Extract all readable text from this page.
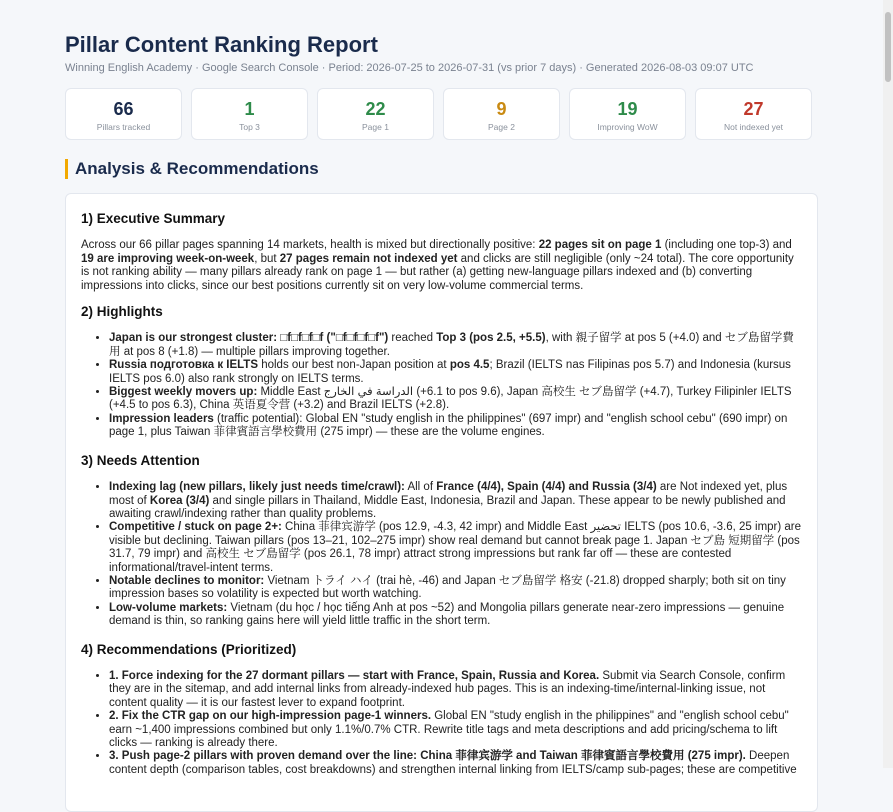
Pillar Content Ranking Report
Winning English Academy · Google Search Console · Period: 2026-07-25 to 2026-07-31 (vs prior 7 days) · Generated 2026-08-03 09:07 UTC
66
Pillars tracked
1
Top 3
22
Page 1
9
Page 2
19
Improving WoW
27
Not indexed yet
Analysis & Recommendations
1) Executive Summary

Across our 66 pillar pages spanning 14 markets, health is mixed but directionally positive: 22 pages sit on page 1 (including one top-3) and 19 are improving week-on-week, but 27 pages remain not indexed yet and clicks are still negligible (only ~24 total). The core opportunity is not ranking ability — many pillars already rank on page 1 — but rather (a) getting new-language pillars indexed and (b) converting impressions into clicks, since our best positions currently sit on very low-volume commercial terms.

2) Highlights
• Japan is our strongest cluster: □f□f□f□f ("□f□f□f□f") reached Top 3 (pos 2.5, +5.5), with 親子留学 at pos 5 (+4.0) and セブ島留学費用 at pos 8 (+1.8) — multiple pillars improving together.
• Russia подготовка к IELTS holds our best non-Japan position at pos 4.5; Brazil (IELTS nas Filipinas pos 5.7) and Indonesia (kursus IELTS pos 6.0) also rank strongly on IELTS terms.
• Biggest weekly movers up: Middle East الدراسة في الخارج (+6.1 to pos 9.6), Japan 高校生 セブ島留学 (+4.7), Turkey Filipinler IELTS (+4.5 to pos 6.3), China 英语夏令营 (+3.2) and Brazil IELTS (+2.8).
• Impression leaders (traffic potential): Global EN "study english in the philippines" (697 impr) and "english school cebu" (690 impr) on page 1, plus Taiwan 菲律賓語言學校費用 (275 impr) — these are the volume engines.
3) Needs Attention
• Indexing lag (new pillars, likely just needs time/crawl): All of France (4/4), Spain (4/4) and Russia (3/4) are Not indexed yet, plus most of Korea (3/4) and single pillars in Thailand, Middle East, Indonesia, Brazil and Japan. These appear to be newly published and awaiting crawl/indexing rather than quality problems.
• Competitive / stuck on page 2+: China 菲律宾游学 (pos 12.9, -4.3, 42 impr) and Middle East تحضير IELTS (pos 10.6, -3.6, 25 impr) are visible but declining. Taiwan pillars (pos 13–21, 102–275 impr) show real demand but cannot break page 1. Japan セブ島 短期留学 (pos 31.7, 79 impr) and 高校生 セブ島留学 (pos 26.1, 78 impr) attract strong impressions but rank far off — these are contested informational/travel-intent terms.
• Notable declines to monitor: Vietnam トライ ハイ (trai hè, -46) and Japan セブ島留学 格安 (-21.8) dropped sharply; both sit on tiny impression bases so volatility is expected but worth watching.
• Low-volume markets: Vietnam (du học / học tiếng Anh at pos ~52) and Mongolia pillars generate near-zero impressions — genuine demand is thin, so ranking gains here will yield little traffic in the short term.
4) Recommendations (Prioritized)
• 1. Force indexing for the 27 dormant pillars — start with France, Spain, Russia and Korea. Submit via Search Console, confirm they are in the sitemap, and add internal links from already-indexed hub pages. This is an indexing-time/internal-linking issue, not content quality — it is our fastest lever to expand footprint.
• 2. Fix the CTR gap on our high-impression page-1 winners. Global EN "study english in the philippines" and "english school cebu" earn ~1,400 impressions combined but only 1.1%/0.7% CTR. Rewrite title tags and meta descriptions and add pricing/schema to lift clicks — ranking is already there.
• 3. Push page-2 pillars with proven demand over the line: China 菲律宾游学 and Taiwan 菲律賓語言學校費用 (275 impr). Deepen content depth (comparison tables, cost breakdowns) and strengthen internal linking from IELTS/camp sub-pages; these are competitive
